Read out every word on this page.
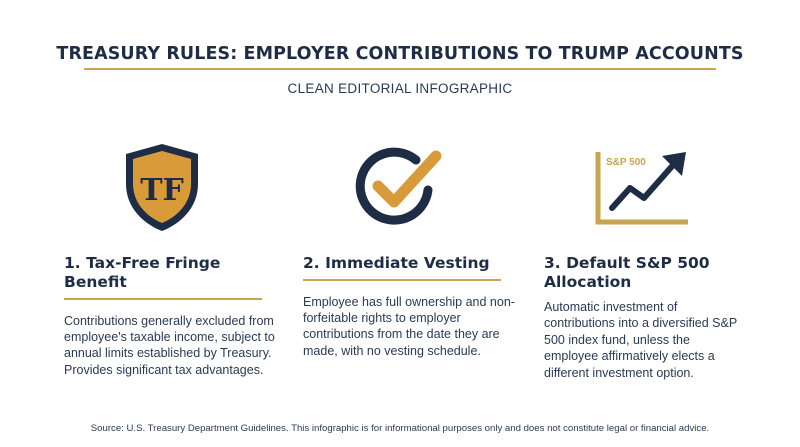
TREASURY RULES: EMPLOYER CONTRIBUTIONS TO TRUMP ACCOUNTS
CLEAN EDITORIAL INFOGRAPHIC
TF
S&P 500
1. Tax-Free Fringe Benefit

Contributions generally excluded from employee's taxable income, subject to annual limits established by Treasury. Provides significant tax advantages.

2. Immediate Vesting

Employee has full ownership and non-forfeitable rights to employer contributions from the date they are made, with no vesting schedule.

3. Default S&P 500 Allocation

Automatic investment of contributions into a diversified S&P 500 index fund, unless the employee affirmatively elects a different investment option.

Source: U.S. Treasury Department Guidelines. This infographic is for informational purposes only and does not constitute legal or financial advice.
